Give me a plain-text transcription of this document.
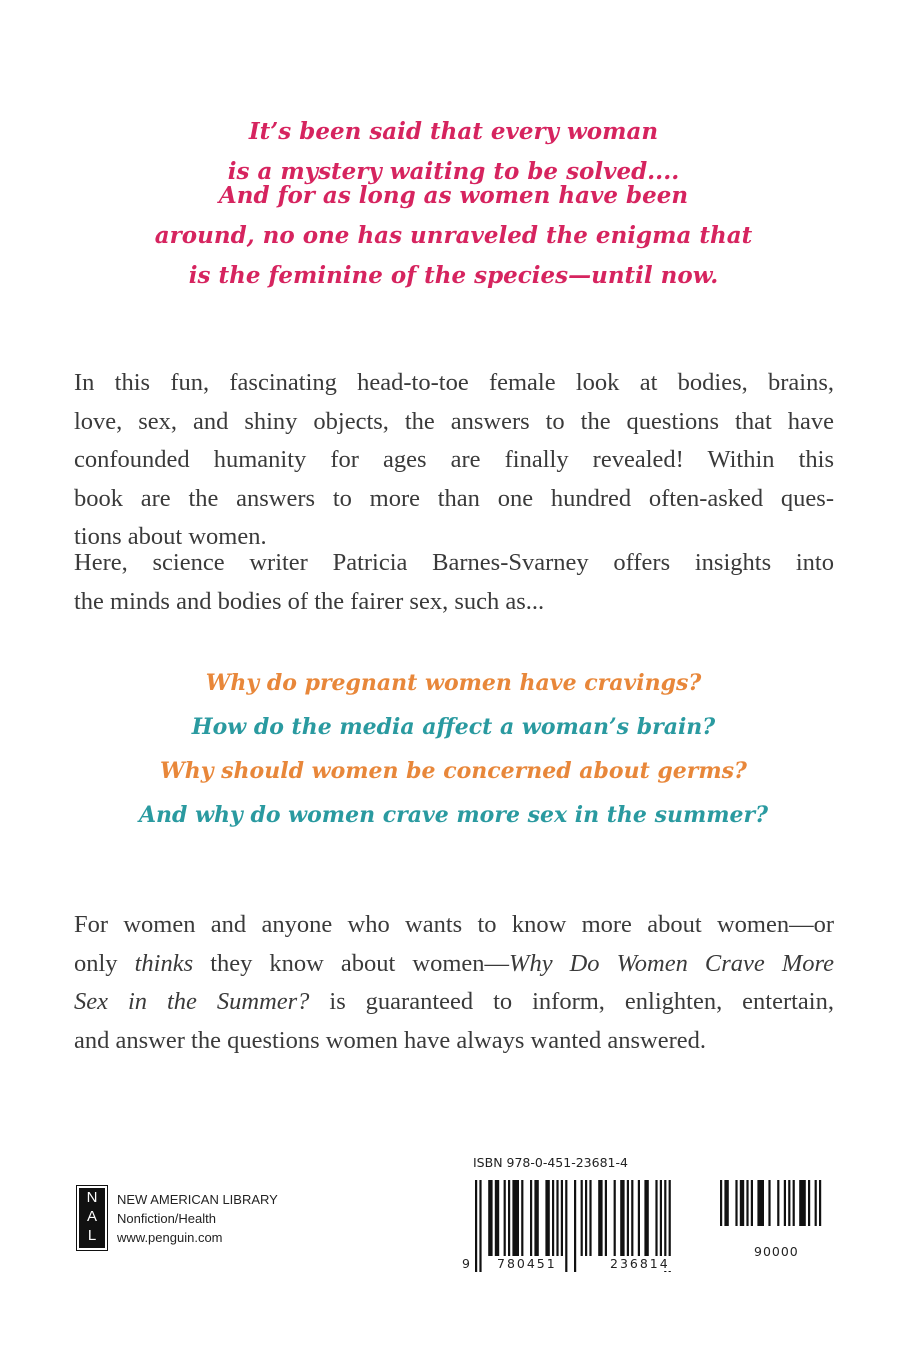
It’s been said that every woman
is a mystery waiting to be solved....
And for as long as women have been
around, no one has unraveled the enigma that
is the feminine of the species—until now.
In this fun, fascinating head-to-toe female look at bodies, brains,
love, sex, and shiny objects, the answers to the questions that have
confounded humanity for ages are finally revealed! Within this
book are the answers to more than one hundred often-asked ques-
tions about women.
Here, science writer Patricia Barnes-Svarney offers insights into
the minds and bodies of the fairer sex, such as...
Why do pregnant women have cravings?
How do the media affect a woman’s brain?
Why should women be concerned about germs?
And why do women crave more sex in the summer?
For women and anyone who wants to know more about women—or
only thinks they know about women—Why Do Women Crave More
Sex in the Summer? is guaranteed to inform, enlighten, entertain,
and answer the questions women have always wanted answered.
N
A
L
NEW AMERICAN LIBRARY
Nonfiction/Health
www.penguin.com
ISBN 978-0-451-23681-4
9 780451	236814
90000
